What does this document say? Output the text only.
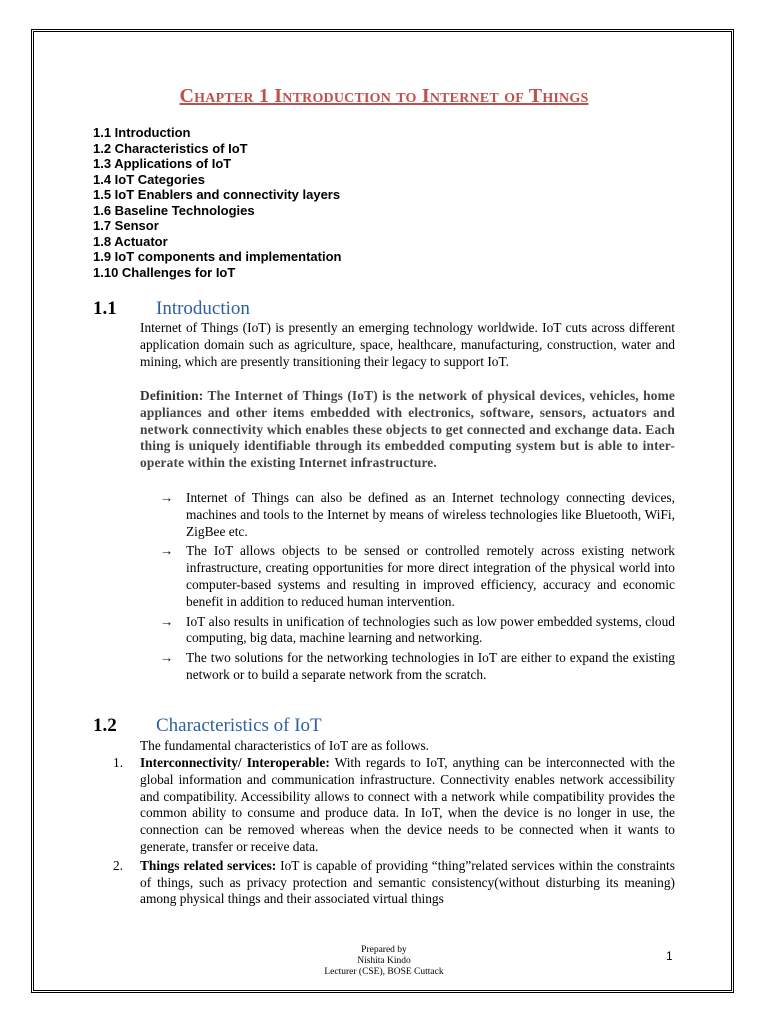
Chapter 1 Introduction to Internet of Things
1.1 Introduction
1.2 Characteristics of IoT
1.3 Applications of IoT
1.4 IoT Categories
1.5 IoT Enablers and connectivity layers
1.6 Baseline Technologies
1.7 Sensor
1.8 Actuator
1.9 IoT components and implementation
1.10 Challenges for IoT
1.1 Introduction

Internet of Things (IoT) is presently an emerging technology worldwide. IoT cuts across different application domain such as agriculture, space, healthcare, manufacturing, construction, water and mining, which are presently transitioning their legacy to support IoT.

Definition: The Internet of Things (IoT) is the network of physical devices, vehicles, home appliances and other items embedded with electronics, software, sensors, actuators and network connectivity which enables these objects to get connected and exchange data. Each thing is uniquely identifiable through its embedded computing system but is able to inter-operate within the existing Internet infrastructure.

→ Internet of Things can also be defined as an Internet technology connecting devices, machines and tools to the Internet by means of wireless technologies like Bluetooth, WiFi, ZigBee etc.
→ The IoT allows objects to be sensed or controlled remotely across existing network infrastructure, creating opportunities for more direct integration of the physical world into computer-based systems and resulting in improved efficiency, accuracy and economic benefit in addition to reduced human intervention.
→ IoT also results in unification of technologies such as low power embedded systems, cloud computing, big data, machine learning and networking.
→ The two solutions for the networking technologies in IoT are either to expand the existing network or to build a separate network from the scratch.
1.2 Characteristics of IoT

The fundamental characteristics of IoT are as follows.

1. Interconnectivity/ Interoperable: With regards to IoT, anything can be interconnected with the global information and communication infrastructure. Connectivity enables network accessibility and compatibility. Accessibility allows to connect with a network while compatibility provides the common ability to consume and produce data. In IoT, when the device is no longer in use, the connection can be removed whereas when the device needs to be connected when it wants to generate, transfer or receive data.
2. Things related services: IoT is capable of providing “thing”related services within the constraints of things, such as privacy protection and semantic consistency(without disturbing its meaning) among physical things and their associated virtual things
Prepared by
Nishita Kindo
Lecturer (CSE), BOSE Cuttack
1
